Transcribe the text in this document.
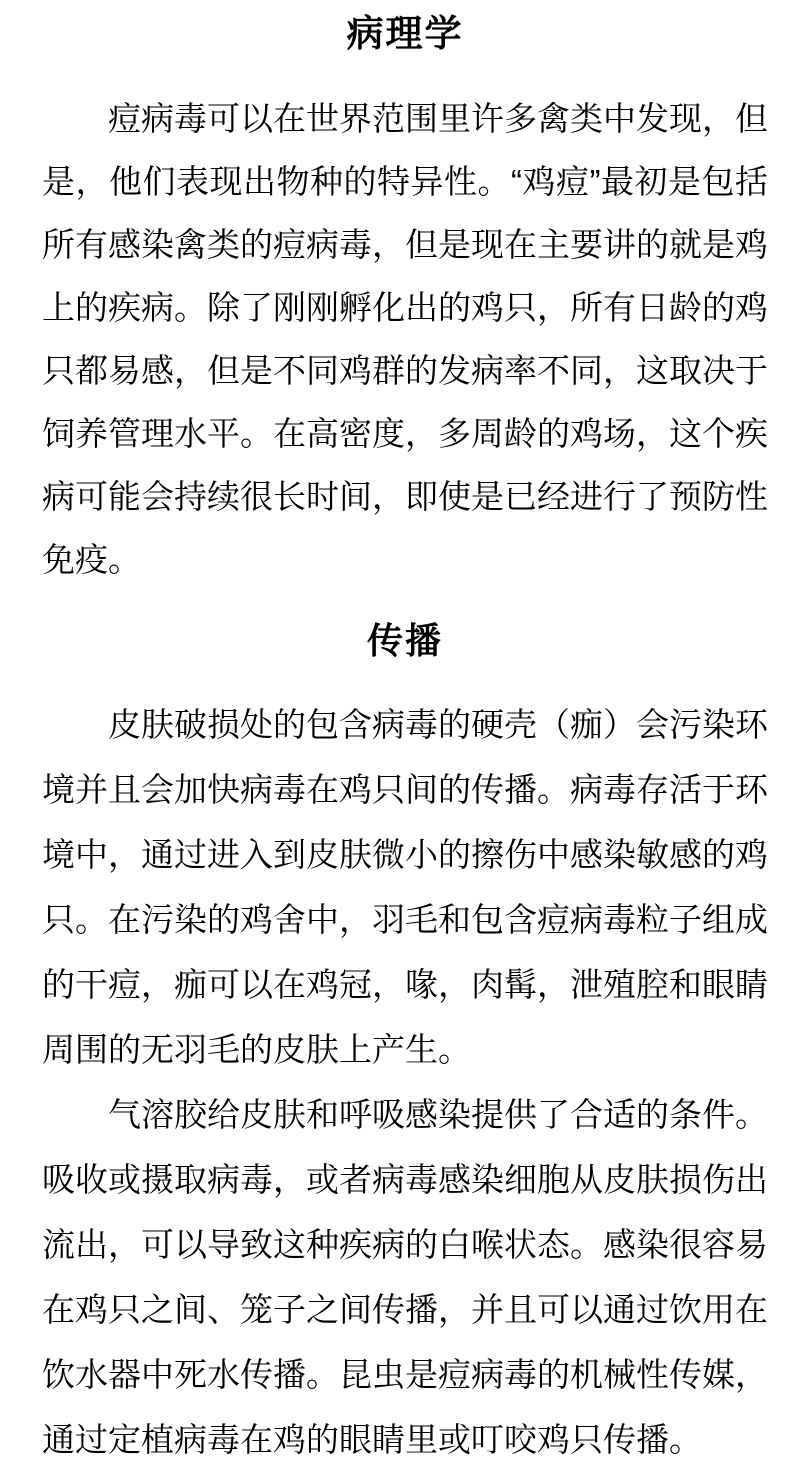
病理学
痘病毒可以在世界范围里许多禽类中发现，但
是，他们表现出物种的特异性。“鸡痘”最初是包括
所有感染禽类的痘病毒，但是现在主要讲的就是鸡
上的疾病。除了刚刚孵化出的鸡只，所有日龄的鸡
只都易感，但是不同鸡群的发病率不同，这取决于
饲养管理水平。在高密度，多周龄的鸡场，这个疾
病可能会持续很长时间，即使是已经进行了预防性
免疫。
传播
皮肤破损处的包含病毒的硬壳（痂）会污染环
境并且会加快病毒在鸡只间的传播。病毒存活于环
境中，通过进入到皮肤微小的擦伤中感染敏感的鸡
只。在污染的鸡舍中，羽毛和包含痘病毒粒子组成
的干痘，痂可以在鸡冠，喙，肉髯，泄殖腔和眼睛
周围的无羽毛的皮肤上产生。
气溶胶给皮肤和呼吸感染提供了合适的条件。
吸收或摄取病毒，或者病毒感染细胞从皮肤损伤出
流出，可以导致这种疾病的白喉状态。感染很容易
在鸡只之间、笼子之间传播，并且可以通过饮用在
饮水器中死水传播。昆虫是痘病毒的机械性传媒，
通过定植病毒在鸡的眼睛里或叮咬鸡只传播。
